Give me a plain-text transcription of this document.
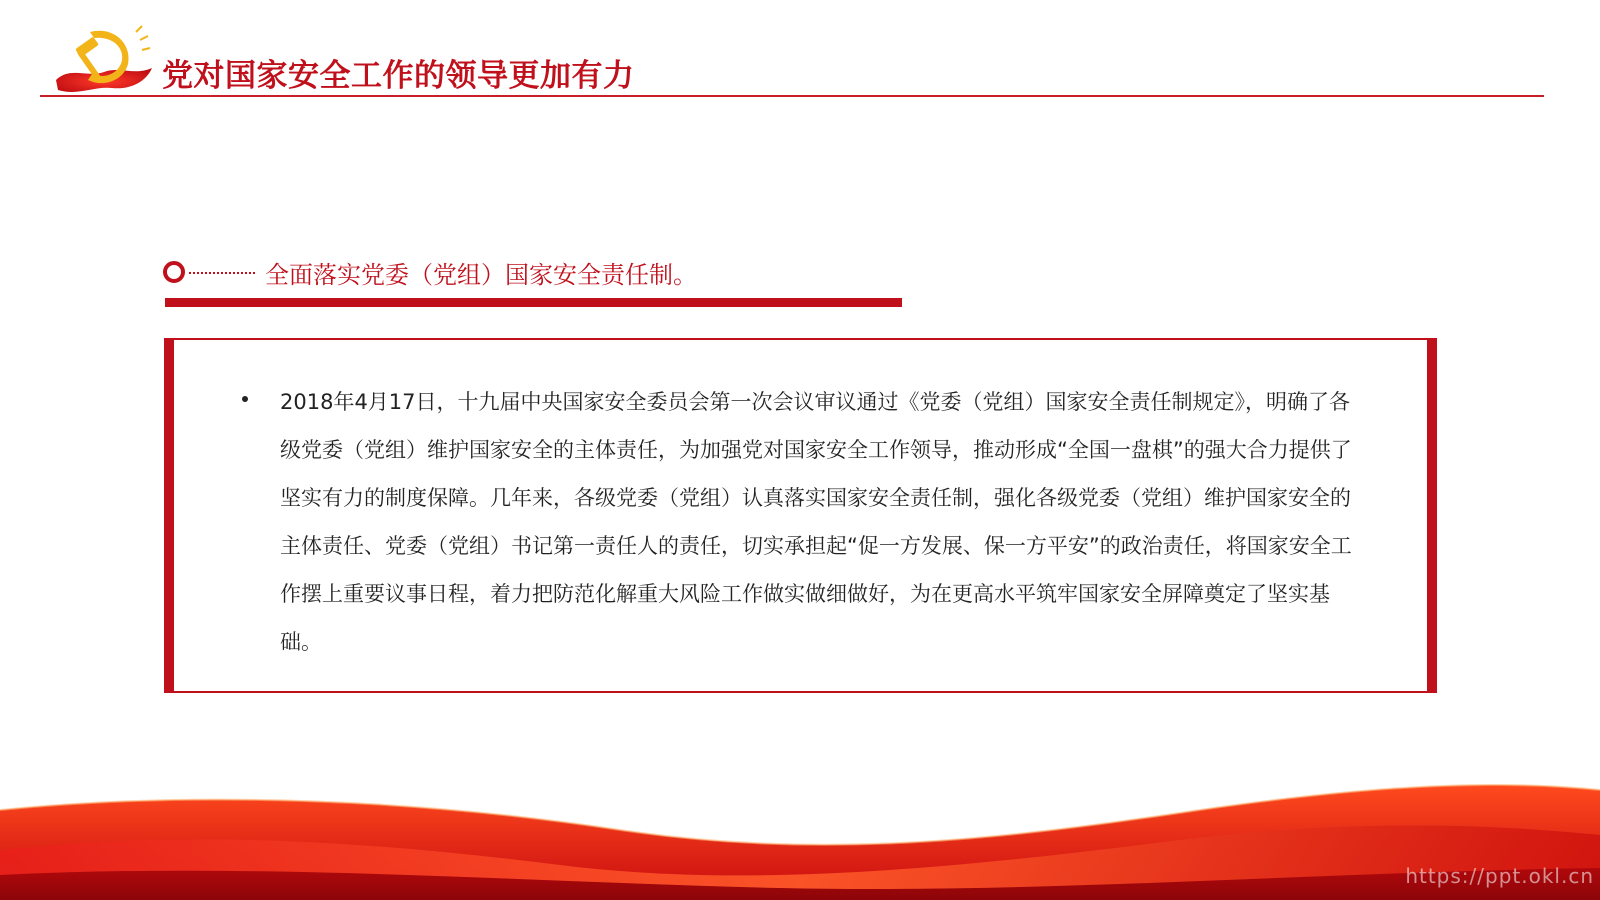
党对国家安全工作的领导更加有力
全面落实党委（党组）国家安全责任制。
2018年4月17日，十九届中央国家安全委员会第一次会议审议通过《党委（党组）国家安全责任制规定》，明确了各级党委（党组）维护国家安全的主体责任，为加强党对国家安全工作领导，推动形成“全国一盘棋”的强大合力提供了坚实有力的制度保障。几年来，各级党委（党组）认真落实国家安全责任制，强化各级党委（党组）维护国家安全的主体责任、党委（党组）书记第一责任人的责任，切实承担起“促一方发展、保一方平安”的政治责任，将国家安全工作摆上重要议事日程，着力把防范化解重大风险工作做实做细做好，为在更高水平筑牢国家安全屏障奠定了坚实基础。
https://ppt.okl.cn
